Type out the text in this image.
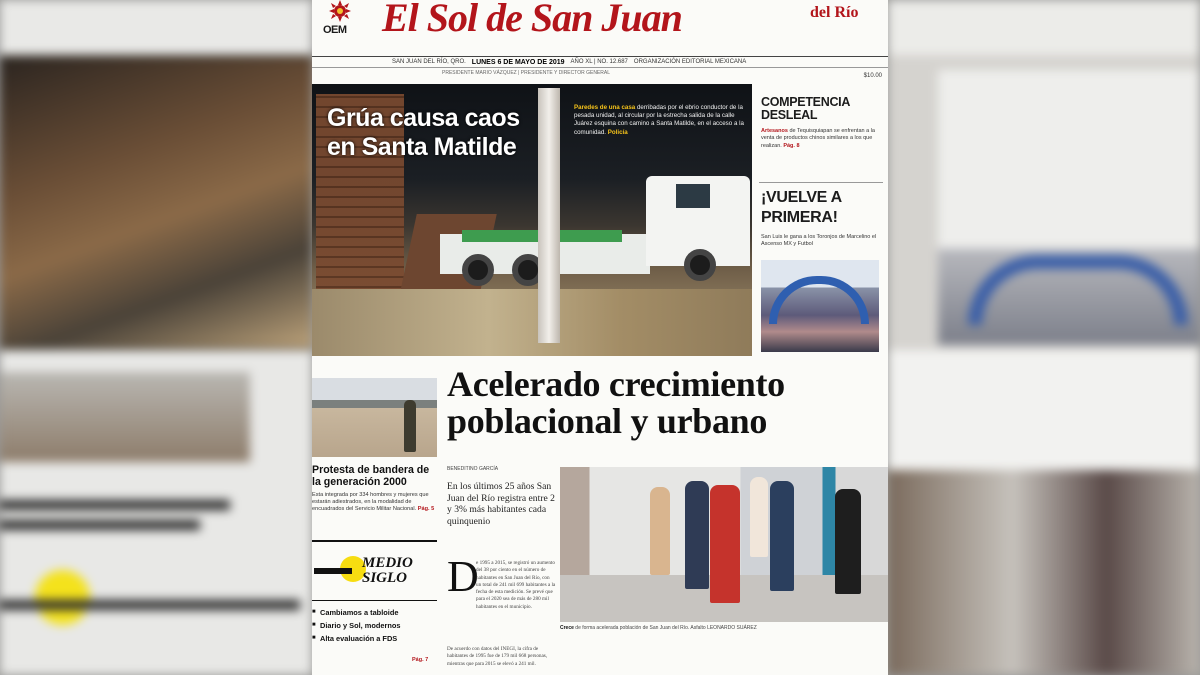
OEM El Sol de San Juan	del Río
SAN JUAN DEL RÍO, QRO. LUNES 6 DE MAYO DE 2019 AÑO XL | NO. 12.687 ORGANIZACIÓN EDITORIAL MEXICANA
PRESIDENTE MARIO VÁZQUEZ | PRESIDENTE Y DIRECTOR GENERAL	$10.00
Grúa causa caos en Santa Matilde
Paredes de una casa derribadas por el ebrio conductor de la pesada unidad, al circular por la estrecha salida de la calle Juárez esquina con camino a Santa Matilde, en el acceso a la comunidad. Policía
COMPETENCIA DESLEAL
Artesanos de Tequisquiapan se enfrentan a la venta de productos chinos similares a los que realizan. Pág. 8
¡VUELVE A PRIMERA!
San Luis le gana a los Toronjos de Marcelino el Ascenso MX y Futbol
Protesta de bandera de la generación 2000
Esta integrada por 334 hombres y mujeres que estarán adiestrados, en la modalidad de encuadrados del Servicio Militar Nacional. Pág. 5
MEDIO SIGLO
■ Cambiamos a tabloide
■ Diario y Sol, modernos
■ Alta evaluación a FDS
Pág. 7
Acelerado crecimiento poblacional y urbano
BENEDITINO GARCÍA
En los últimos 25 años San Juan del Río registra entre 2 y 3% más habitantes cada quinquenio
D
e 1995 a 2015, se registró un aumento del 38 por ciento en el número de habitantes en San Juan del Río, con un total de 241 mil 699 habitantes a la fecha de esta medición. Se prevé que para el 2020 sea de más de 280 mil habitantes en el municipio.
De acuerdo con datos del INEGI, la cifra de habitantes de 1995 fue de 179 mil 668 personas, mientras que para 2015 se elevó a 241 mil.
Crece de forma acelerada población de San Juan del Río. Asfalto LEONARDO SUÁREZ
